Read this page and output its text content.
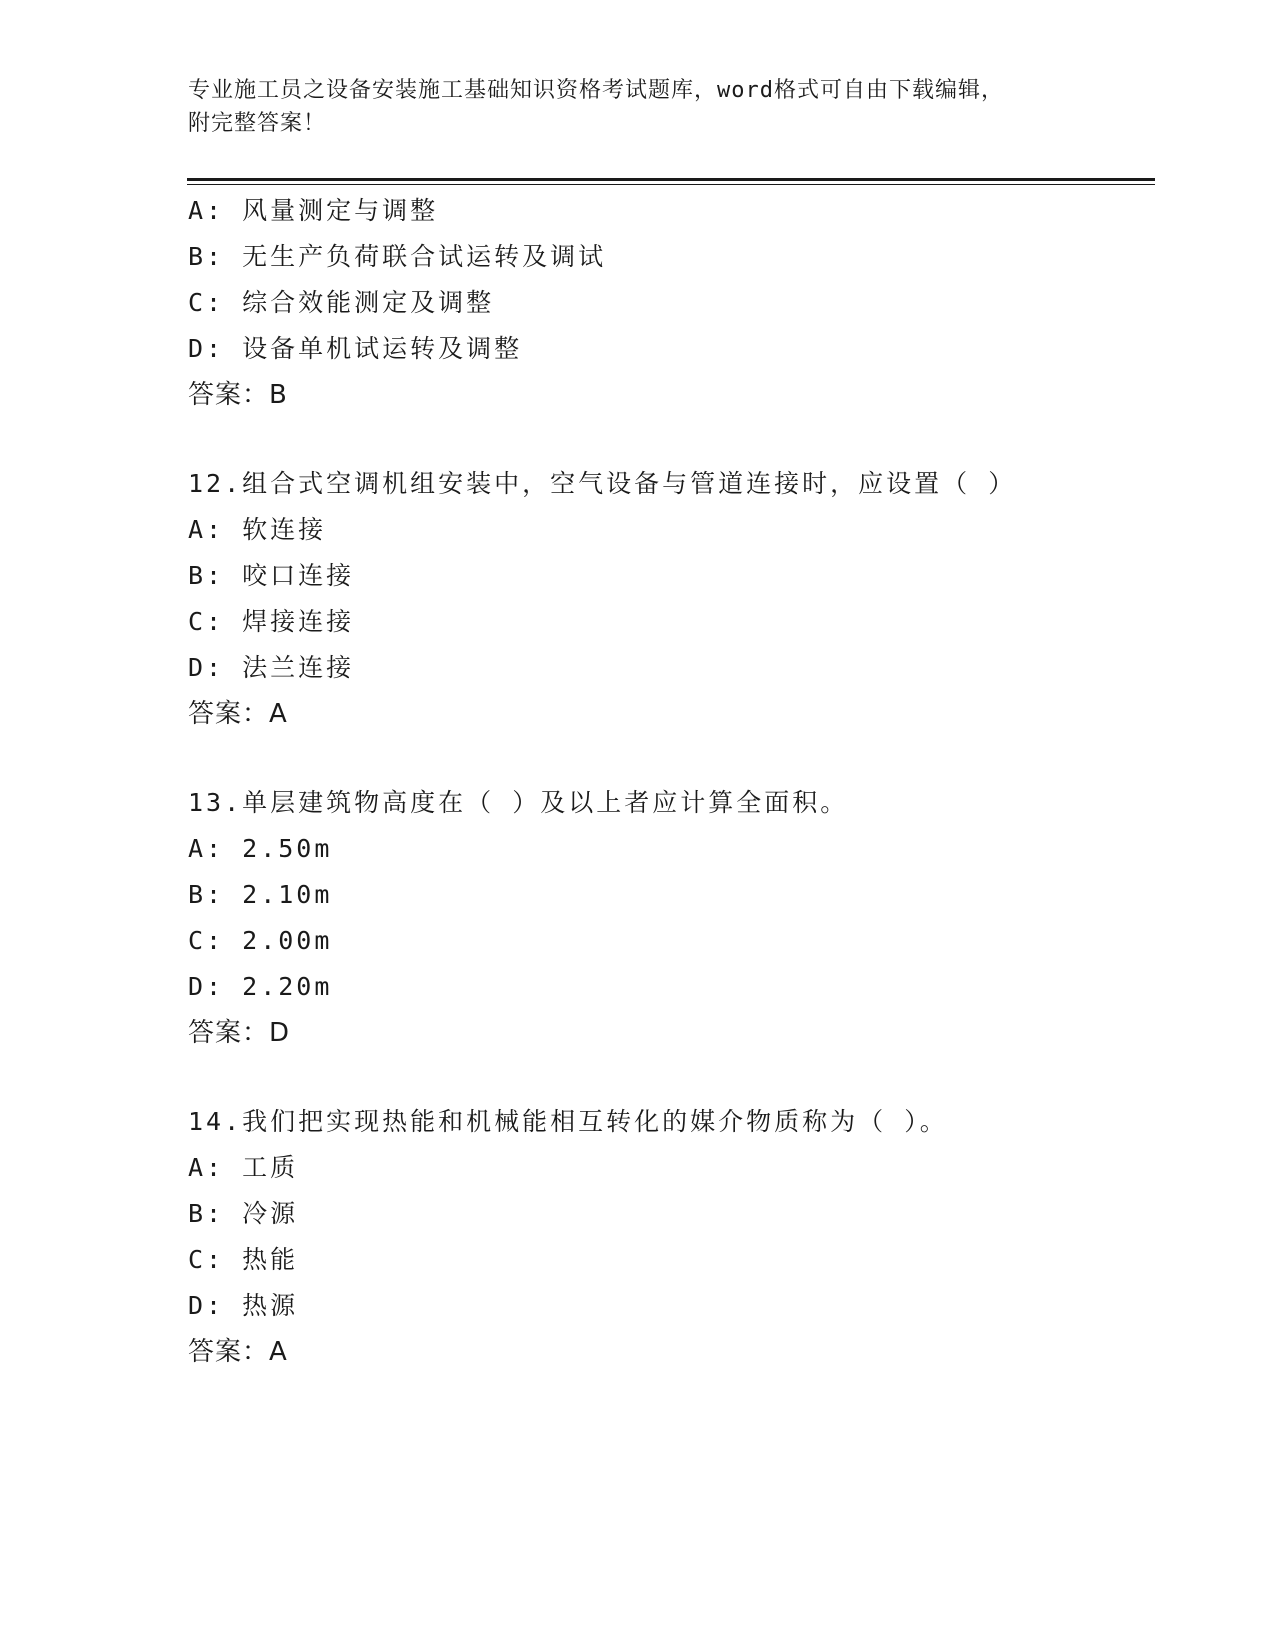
专业施工员之设备安装施工基础知识资格考试题库，word格式可自由下载编辑，
附完整答案！
A: 风量测定与调整
B: 无生产负荷联合试运转及调试
C: 综合效能测定及调整
D: 设备单机试运转及调整
答案：B
12.组合式空调机组安装中，空气设备与管道连接时，应设置（ ）
A: 软连接
B: 咬口连接
C: 焊接连接
D: 法兰连接
答案：A
13.单层建筑物高度在（ ）及以上者应计算全面积。
A: 2.50m
B: 2.10m
C: 2.00m
D: 2.20m
答案：D
14.我们把实现热能和机械能相互转化的媒介物质称为（ ）。
A: 工质
B: 冷源
C: 热能
D: 热源
答案：A
